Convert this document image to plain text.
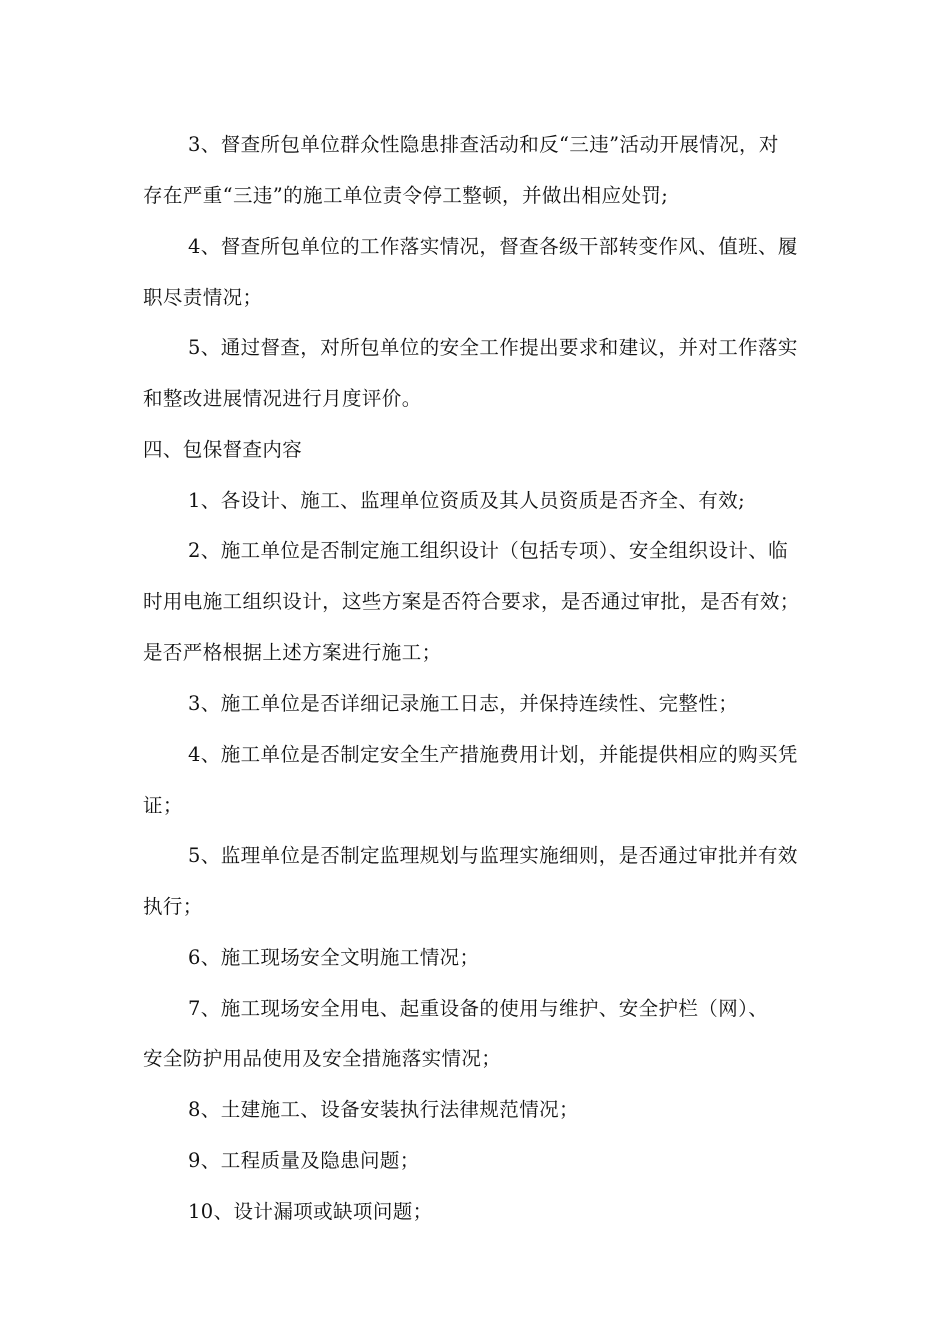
3、督查所包单位群众性隐患排查活动和反“三违”活动开展情况，对
存在严重“三违”的施工单位责令停工整顿，并做出相应处罚;
4、督查所包单位的工作落实情况，督查各级干部转变作风、值班、履
职尽责情况；
5、通过督查，对所包单位的安全工作提出要求和建议，并对工作落实
和整改进展情况进行月度评价。
四、包保督查内容
1、各设计、施工、监理单位资质及其人员资质是否齐全、有效;
2、施工单位是否制定施工组织设计（包括专项）、安全组织设计、临
时用电施工组织设计，这些方案是否符合要求，是否通过审批，是否有效；
是否严格根据上述方案进行施工；
3、施工单位是否详细记录施工日志，并保持连续性、完整性；
4、施工单位是否制定安全生产措施费用计划，并能提供相应的购买凭
证；
5、监理单位是否制定监理规划与监理实施细则，是否通过审批并有效
执行；
6、施工现场安全文明施工情况；
7、施工现场安全用电、起重设备的使用与维护、安全护栏（网）、
安全防护用品使用及安全措施落实情况；
8、土建施工、设备安装执行法律规范情况；
9、工程质量及隐患问题；
10、设计漏项或缺项问题；
